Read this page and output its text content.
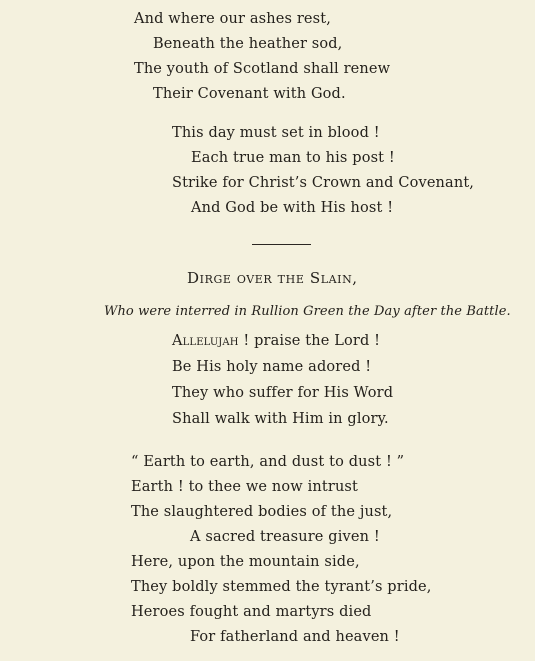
And where our ashes rest,
Beneath the heather sod,
The youth of Scotland shall renew
Their Covenant with God.
This day must set in blood !
Each true man to his post !
Strike for Christ’s Crown and Covenant,
And God be with His host !
Dirge over the Slain,
Who were interred in Rullion Green the Day after the Battle.
Allelujah ! praise the Lord !
Be His holy name adored !
They who suffer for His Word
Shall walk with Him in glory.
“ Earth to earth, and dust to dust ! ”
Earth ! to thee we now intrust
The slaughtered bodies of the just,
A sacred treasure given !
Here, upon the mountain side,
They boldly stemmed the tyrant’s pride,
Heroes fought and martyrs died
For fatherland and heaven !
